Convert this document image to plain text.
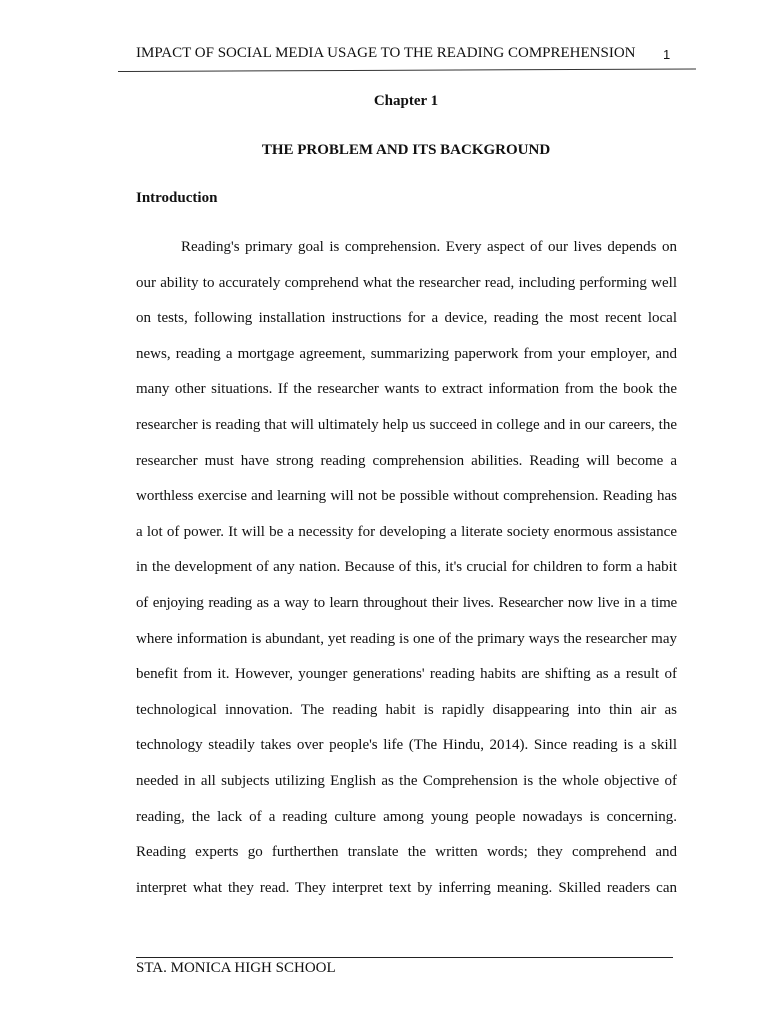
IMPACT OF SOCIAL MEDIA USAGE TO THE READING COMPREHENSION 1
Chapter 1
THE PROBLEM AND ITS BACKGROUND
Introduction
Reading's primary goal is comprehension. Every aspect of our lives depends on
our ability to accurately comprehend what the researcher read, including performing well
on tests, following installation instructions for a device, reading the most recent local
news, reading a mortgage agreement, summarizing paperwork from your employer, and
many other situations. If the researcher wants to extract information from the book the
researcher is reading that will ultimately help us succeed in college and in our careers, the
researcher must have strong reading comprehension abilities. Reading will become a
worthless exercise and learning will not be possible without comprehension. Reading has
a lot of power. It will be a necessity for developing a literate society enormous assistance
in the development of any nation. Because of this, it's crucial for children to form a habit
of enjoying reading as a way to learn throughout their lives. Researcher now live in a time
where information is abundant, yet reading is one of the primary ways the researcher may
benefit from it. However, younger generations' reading habits are shifting as a result of
technological innovation. The reading habit is rapidly disappearing into thin air as
technology steadily takes over people's life (The Hindu, 2014). Since reading is a skill
needed in all subjects utilizing English as the Comprehension is the whole objective of
reading, the lack of a reading culture among young people nowadays is concerning.
Reading experts go furtherthen translate the written words; they comprehend and
interpret what they read. They interpret text by inferring meaning. Skilled readers can
STA. MONICA HIGH SCHOOL
